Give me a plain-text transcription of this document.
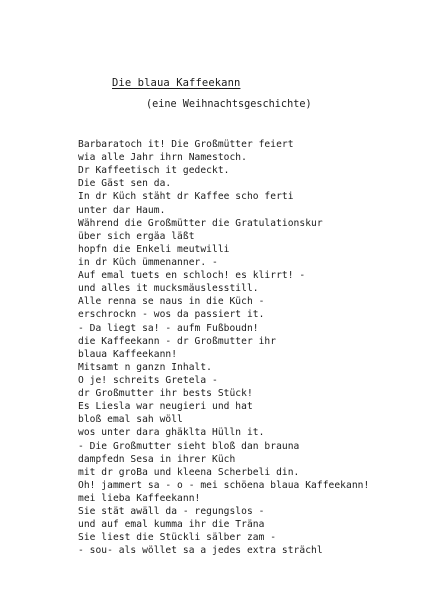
Die blaua Kaffeekann
(eine Weihnachtsgeschichte)
Barbaratoch it! Die Großmütter feiert
wia alle Jahr ihrn Namestoch.
Dr Kaffeetisch it gedeckt.
Die Gäst sen da.
In dr Küch stäht dr Kaffee scho ferti
unter dar Haum.
Während die Großmütter die Gratulationskur
über sich ergäa läßt
hopfn die Enkeli meutwilli
in dr Küch ümmenanner. -
Auf emal tuets en schloch! es klirrt! -
und alles it mucksmäuslesstill.
Alle renna se naus in die Küch -
erschrockn - wos da passiert it.
- Da liegt sa! - aufm Fußboudn!
die Kaffeekann - dr Großmutter ihr
blaua Kaffeekann!
Mitsamt n ganzn Inhalt.
O je! schreits Gretela -
dr Großmutter ihr bests Stück!
Es Liesla war neugieri und hat
bloß emal sah wöll
wos unter dara ghäklta Hülln it.
- Die Großmutter sieht bloß dan brauna
dampfedn Sesa in ihrer Küch
mit dr groBa und kleena Scherbeli din.
Oh! jammert sa - o - mei schöena blaua Kaffeekann!
mei lieba Kaffeekann!
Sie stät awäll da - regungslos -
und auf emal kumma ihr die Träna
Sie liest die Stückli sälber zam -
- sou- als wöllet sa a jedes extra strächl
